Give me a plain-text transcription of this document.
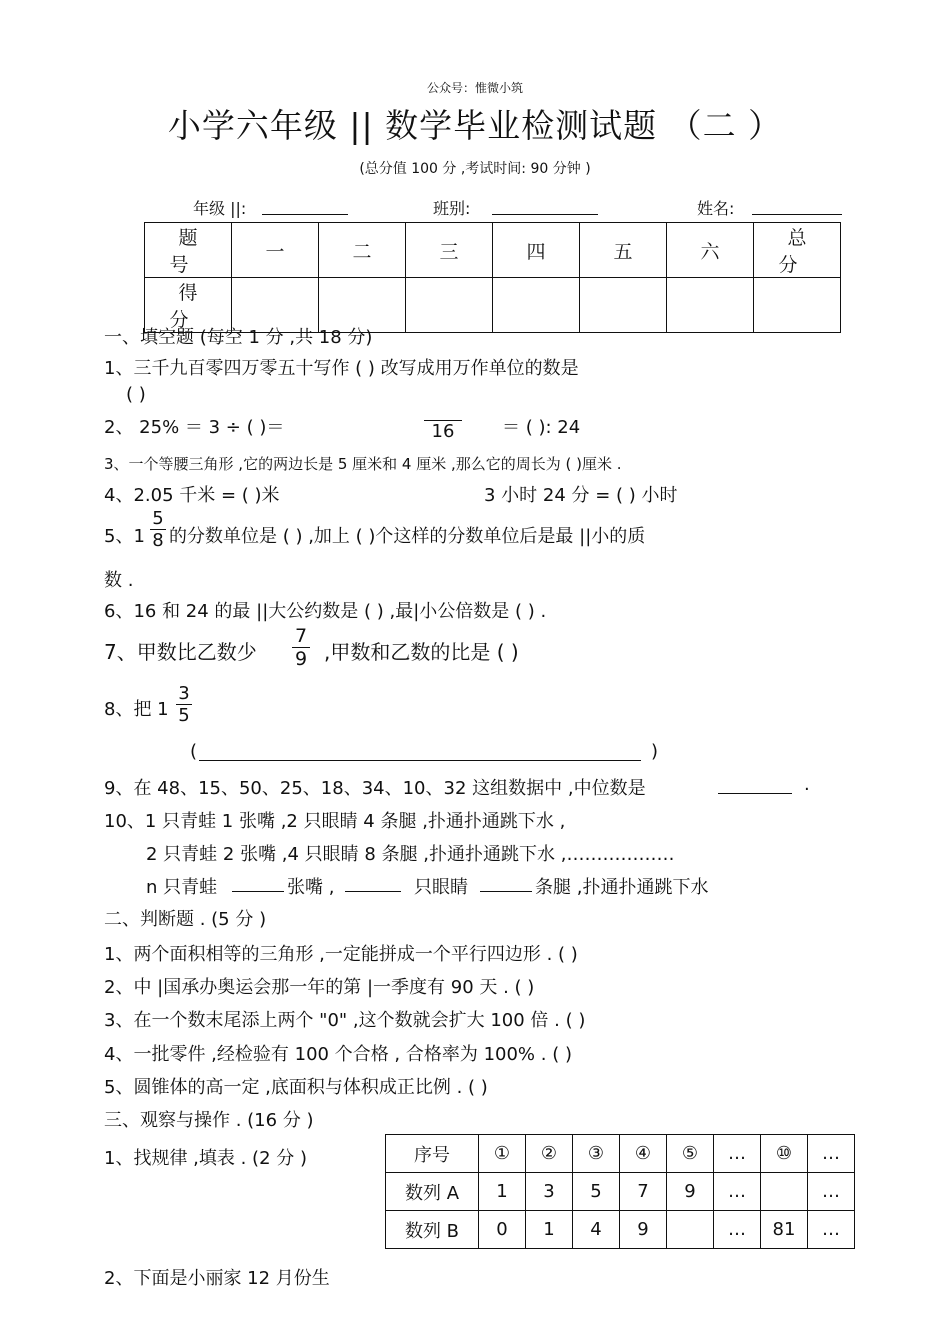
公众号：惟微小筑
小学六年级 || 数学毕业检测试题 （二 ）
(总分值 100 分 ,考试时间: 90 分钟 )
年级 ||:	班别:	姓名:
题 号	一	二	三	四	五	六	总 分
得 分							
一、填空题 (每空 1 分 ,共 18 分)
1、三千九百零四万零五十写作 ( ) 改写成用万作单位的数是
( )
2、 25% ＝ 3 ÷ ( )＝	16	＝ ( ): 24
3、一个等腰三角形 ,它的两边长是 5 厘米和 4 厘米 ,那么它的周长为 ( )厘米 .
4、2.05 千米 = ( )米	3 小时 24 分 = ( ) 小时
5、1
5
8 的分数单位是 ( ) ,加上 ( )个这样的分数单位后是最 ||小的质
数 .
6、16 和 24 的最 ||大公约数是 ( ) ,最|小公倍数是 ( ) .
7、甲数比乙数少
7
9 ,甲数和乙数的比是 ( )
8、把 1
3
5
(	)
9、在 48、15、50、25、18、34、10、32 这组数据中 ,中位数是	.
10、1 只青蛙 1 张嘴 ,2 只眼睛 4 条腿 ,扑通扑通跳下水 ,
2 只青蛙 2 张嘴 ,4 只眼睛 8 条腿 ,扑通扑通跳下水 ,………………
n 只青蛙	张嘴 ,	只眼睛	条腿 ,扑通扑通跳下水
二、判断题 . (5 分 )
1、两个面积相等的三角形 ,一定能拼成一个平行四边形 . ( )
2、中 |国承办奥运会那一年的第 |一季度有 90 天 . ( )
3、在一个数末尾添上两个 "0" ,这个数就会扩大 100 倍 . ( )
4、一批零件 ,经检验有 100 个合格 , 合格率为 100% . ( )
5、圆锥体的高一定 ,底面积与体积成正比例 . ( )
三、观察与操作 . (16 分 )
1、找规律 ,填表 . (2 分 )	序号	①	②	③	④	⑤	…	⑩	…
数列 A	1	3	5	7	9	…		…
数列 B	0	1	4	9		…	81	…
2、下面是小丽家 12 月份生
